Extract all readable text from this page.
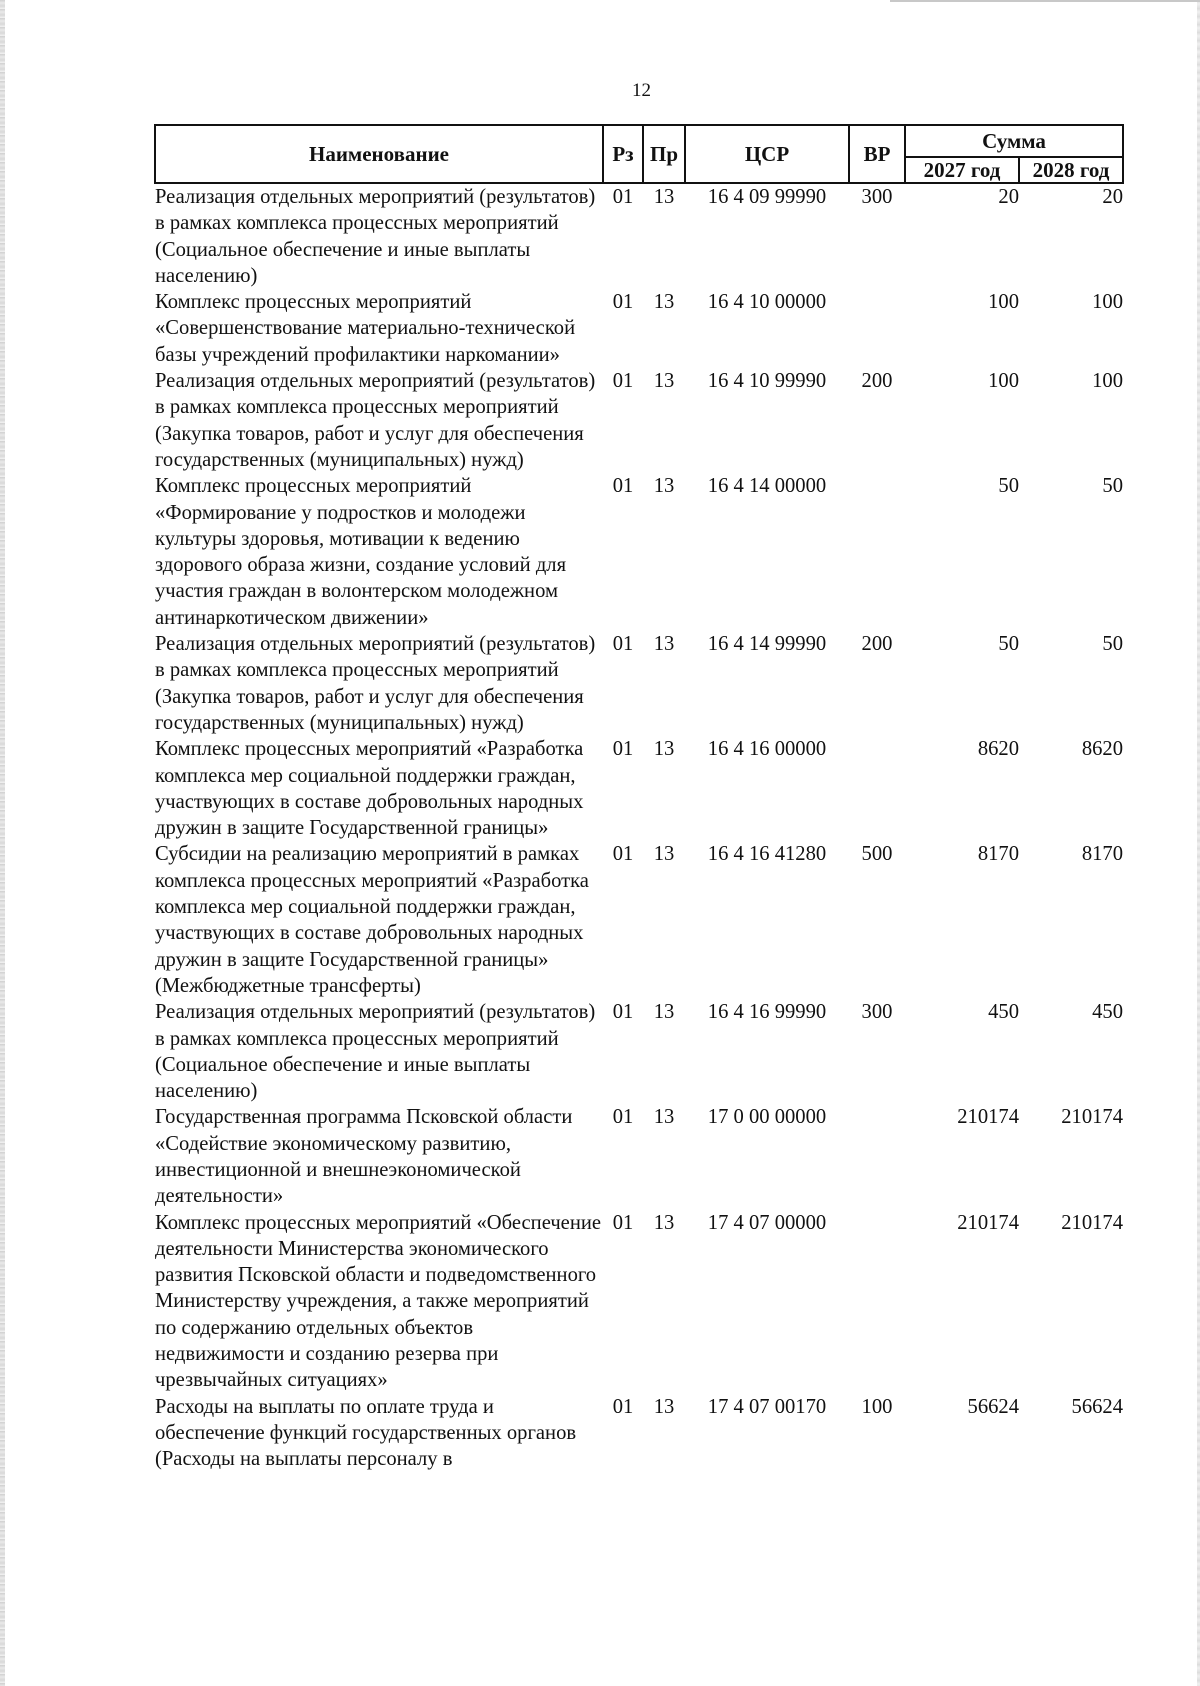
12
Наименование	Рз	Пр	ЦСР	ВР	Сумма	
					2027 год	2028 год
Реализация отдельных мероприятий (результатов) в рамках комплекса процессных мероприятий (Социальное обеспечение и иные выплаты населению)	01	13	16 4 09 99990	300	20	20
Комплекс процессных мероприятий «Совершенствование материально-технической базы учреждений профилактики наркомании»	01	13	16 4 10 00000		100	100
Реализация отдельных мероприятий (результатов) в рамках комплекса процессных мероприятий (Закупка товаров, работ и услуг для обеспечения государственных (муниципальных) нужд)	01	13	16 4 10 99990	200	100	100
Комплекс процессных мероприятий «Формирование у подростков и молодежи культуры здоровья, мотивации к ведению здорового образа жизни, создание условий для участия граждан в волонтерском молодежном антинаркотическом движении»	01	13	16 4 14 00000		50	50
Реализация отдельных мероприятий (результатов) в рамках комплекса процессных мероприятий (Закупка товаров, работ и услуг для обеспечения государственных (муниципальных) нужд)	01	13	16 4 14 99990	200	50	50
Комплекс процессных мероприятий «Разработка комплекса мер социальной поддержки граждан, участвующих в составе добровольных народных дружин в защите Государственной границы»	01	13	16 4 16 00000		8620	8620
Субсидии на реализацию мероприятий в рамках комплекса процессных мероприятий «Разработка комплекса мер социальной поддержки граждан, участвующих в составе добровольных народных дружин в защите Государственной границы» (Межбюджетные трансферты)	01	13	16 4 16 41280	500	8170	8170
Реализация отдельных мероприятий (результатов) в рамках комплекса процессных мероприятий (Социальное обеспечение и иные выплаты населению)	01	13	16 4 16 99990	300	450	450
Государственная программа Псковской области «Содействие экономическому развитию, инвестиционной и внешнеэкономической деятельности»	01	13	17 0 00 00000		210174	210174
Комплекс процессных мероприятий «Обеспечение деятельности Министерства экономического развития Псковской области и подведомственного Министерству учреждения, а также мероприятий по содержанию отдельных объектов недвижимости и созданию резерва при чрезвычайных ситуациях»	01	13	17 4 07 00000		210174	210174
Расходы на выплаты по оплате труда и обеспечение функций государственных органов (Расходы на выплаты персоналу в	01	13	17 4 07 00170	100	56624	56624
